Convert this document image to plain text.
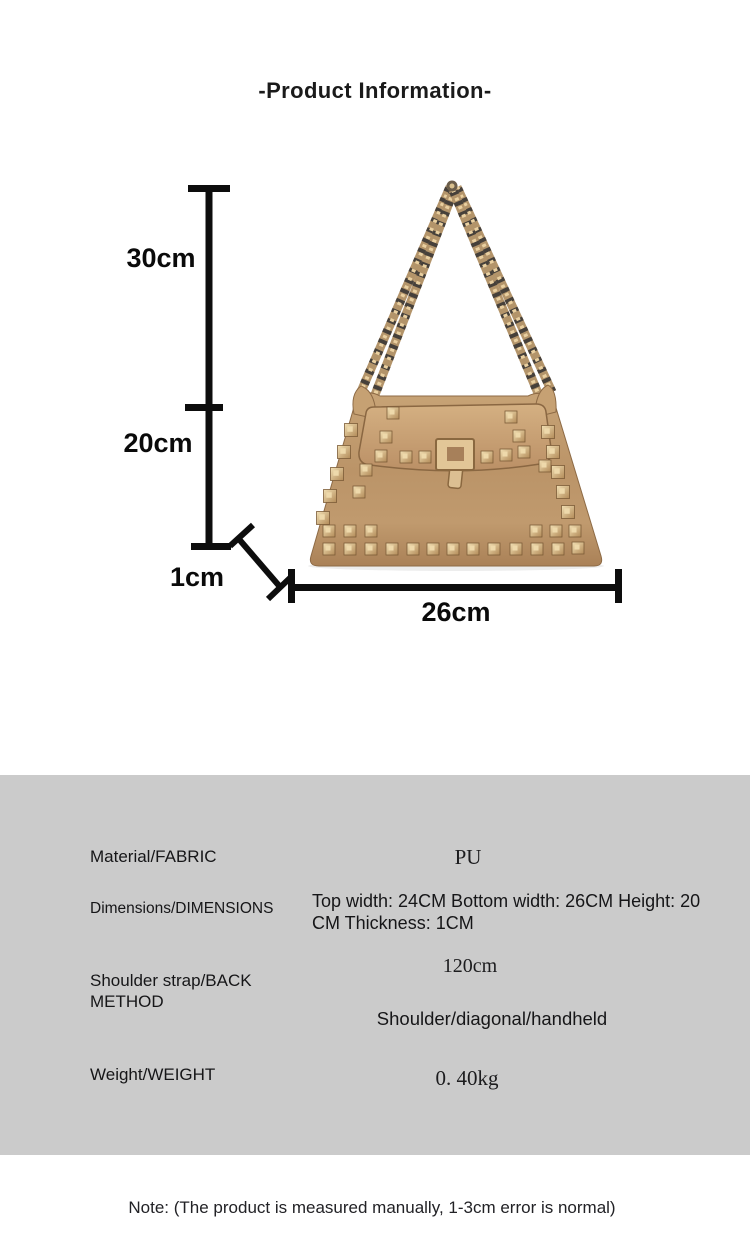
-Product Information-
30cm
20cm
1cm
26cm
Material/FABRIC	PU
Dimensions/DIMENSIONS Top width: 24CM Bottom width: 26CM Height: 20 CM Thickness: 1CM
Shoulder strap/BACK METHOD
120cm
Shoulder/diagonal/handheld
Weight/WEIGHT	0. 40kg
Note: (The product is measured manually, 1-3cm error is normal)
